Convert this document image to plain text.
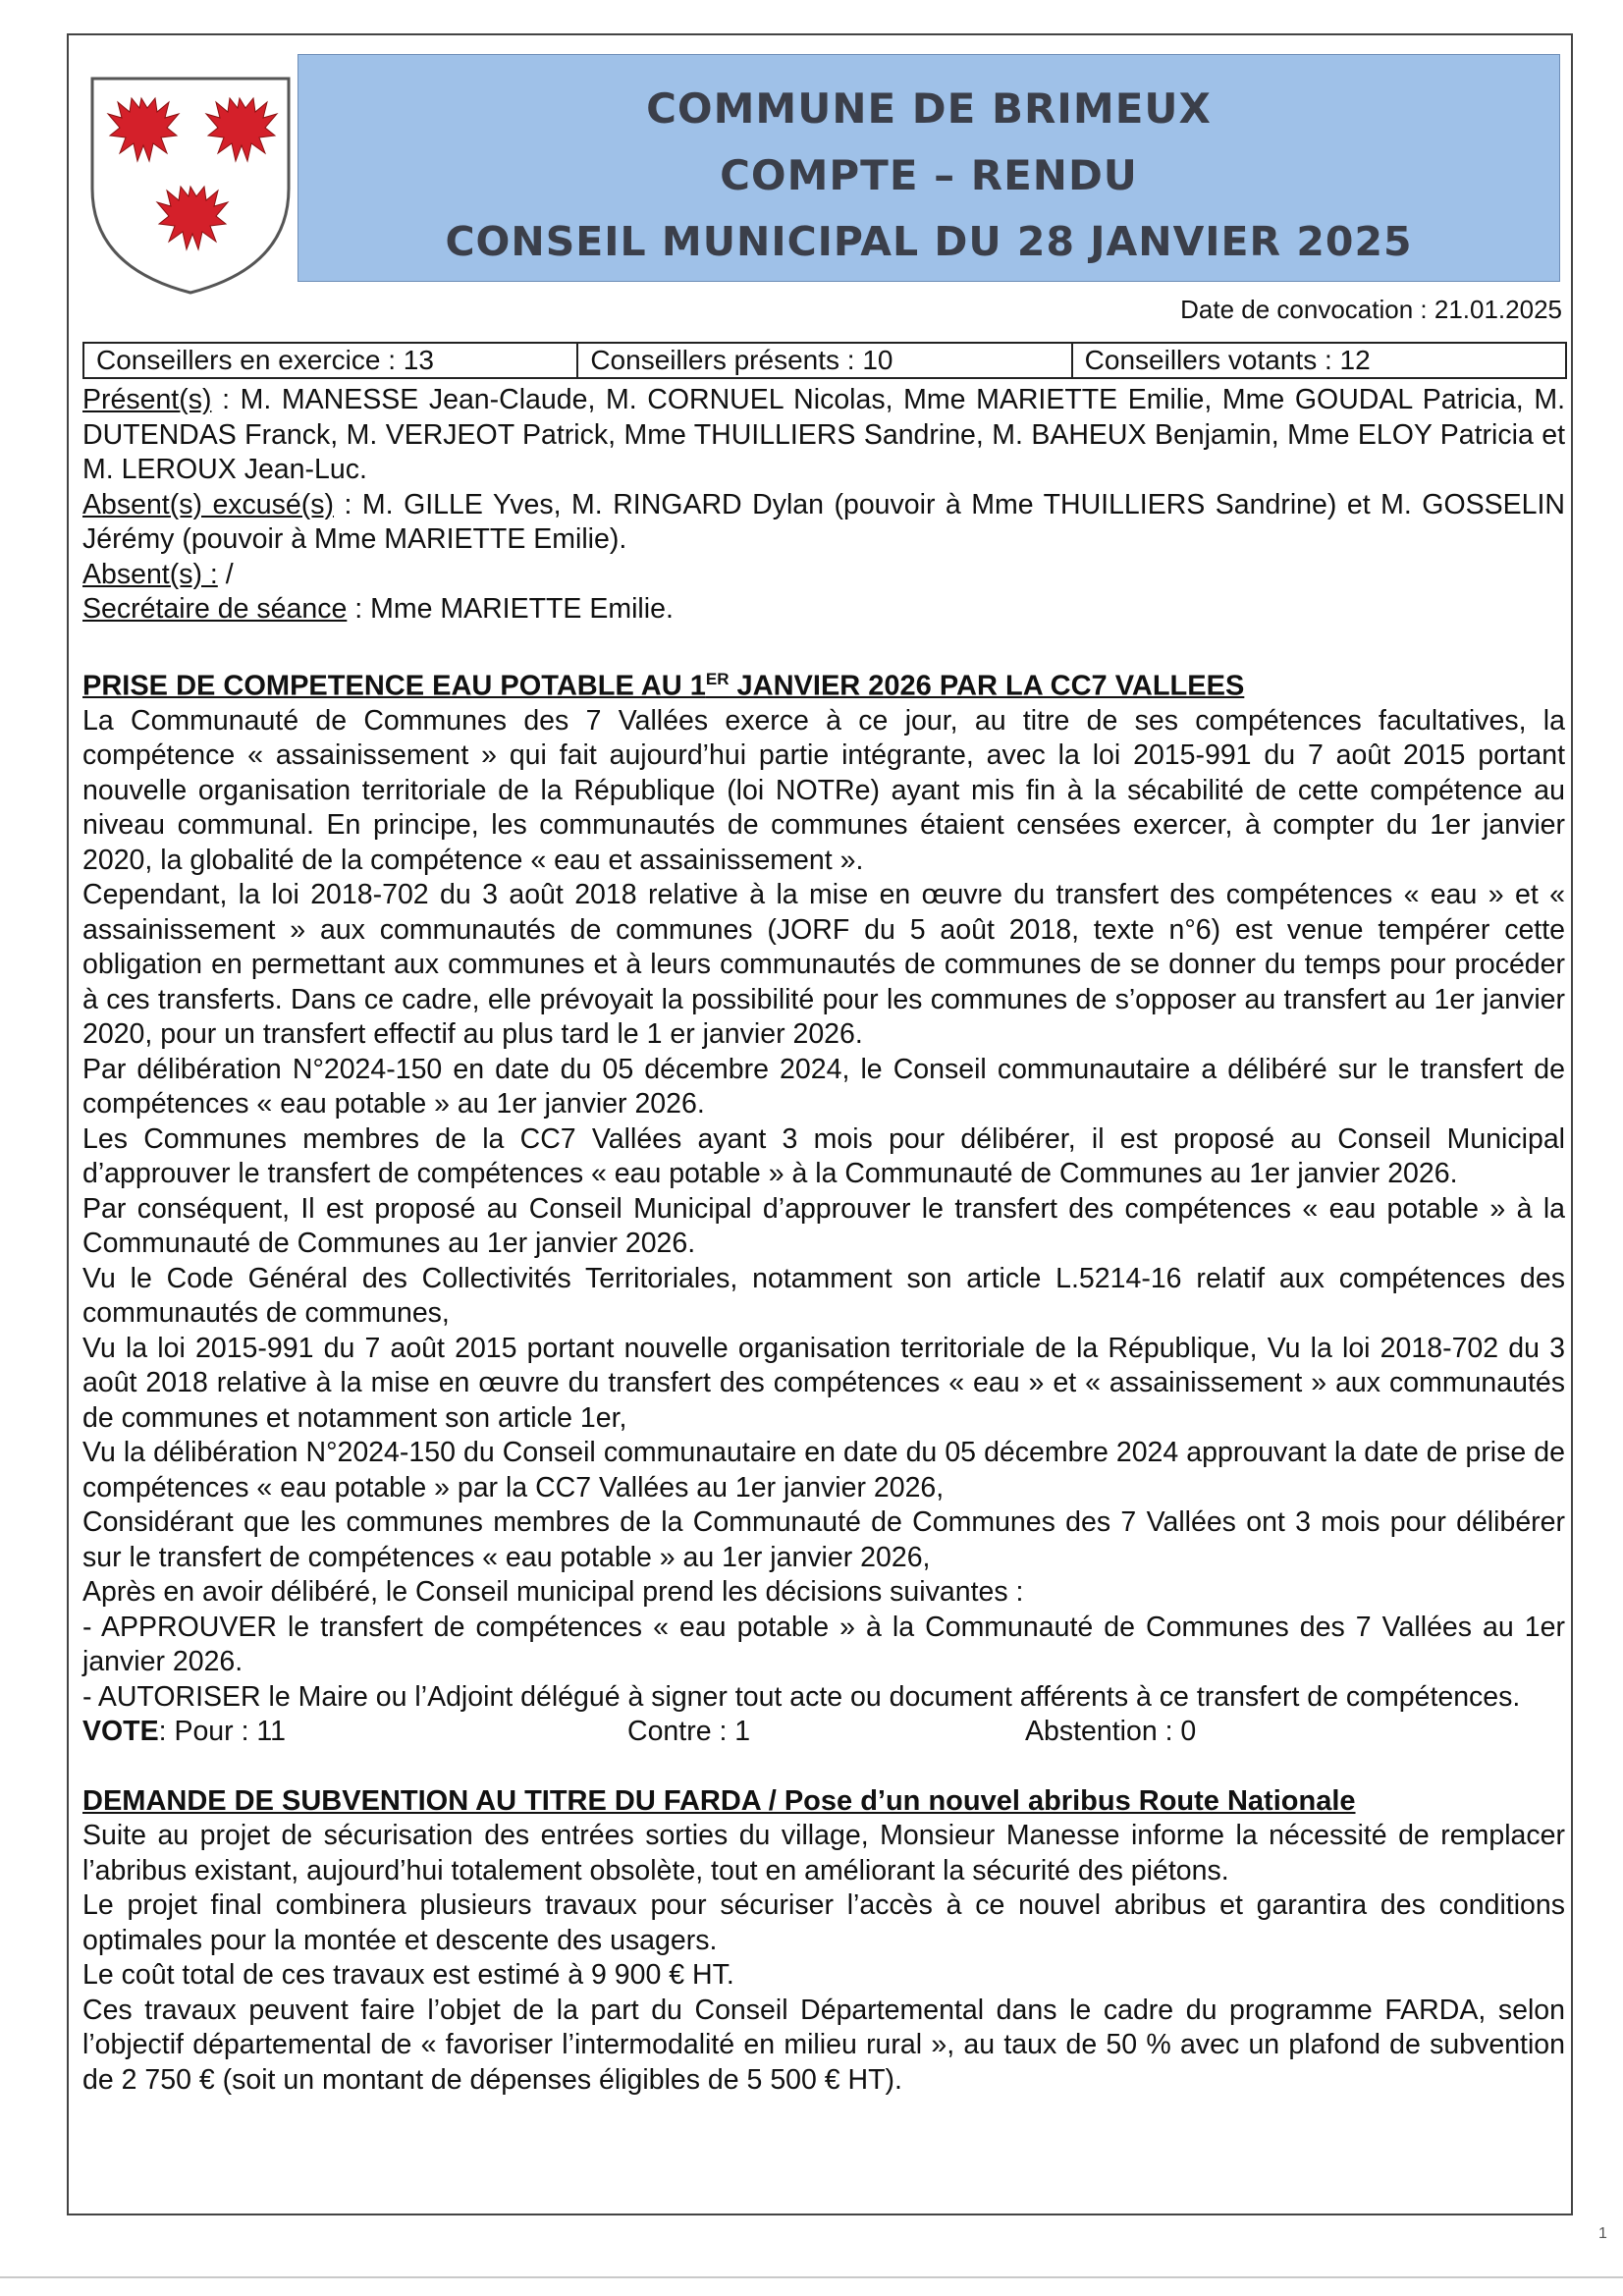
COMMUNE DE BRIMEUX
COMPTE – RENDU
CONSEIL MUNICIPAL DU 28 JANVIER 2025
Date de convocation : 21.01.2025
Conseillers en exercice : 13	Conseillers présents : 10	Conseillers votants : 12

Présent(s) : M. MANESSE Jean-Claude, M. CORNUEL Nicolas, Mme MARIETTE Emilie, Mme GOUDAL Patricia, M. DUTENDAS Franck, M. VERJEOT Patrick, Mme THUILLIERS Sandrine, M. BAHEUX Benjamin, Mme ELOY Patricia et M. LEROUX Jean-Luc.

Absent(s) excusé(s) : M. GILLE Yves, M. RINGARD Dylan (pouvoir à Mme THUILLIERS Sandrine) et M. GOSSELIN Jérémy (pouvoir à Mme MARIETTE Emilie).

Absent(s) : /

Secrétaire de séance : Mme MARIETTE Emilie.

PRISE DE COMPETENCE EAU POTABLE AU 1ER JANVIER 2026 PAR LA CC7 VALLEES

La Communauté de Communes des 7 Vallées exerce à ce jour, au titre de ses compétences facultatives, la compétence « assainissement » qui fait aujourd’hui partie intégrante, avec la loi 2015-991 du 7 août 2015 portant nouvelle organisation territoriale de la République (loi NOTRe) ayant mis fin à la sécabilité de cette compétence au niveau communal. En principe, les communautés de communes étaient censées exercer, à compter du 1er janvier 2020, la globalité de la compétence « eau et assainissement ».

Cependant, la loi 2018-702 du 3 août 2018 relative à la mise en œuvre du transfert des compétences « eau » et « assainissement » aux communautés de communes (JORF du 5 août 2018, texte n°6) est venue tempérer cette obligation en permettant aux communes et à leurs communautés de communes de se donner du temps pour procéder à ces transferts. Dans ce cadre, elle prévoyait la possibilité pour les communes de s’opposer au transfert au 1er janvier 2020, pour un transfert effectif au plus tard le 1 er janvier 2026.

Par délibération N°2024-150 en date du 05 décembre 2024, le Conseil communautaire a délibéré sur le transfert de compétences « eau potable » au 1er janvier 2026.

Les Communes membres de la CC7 Vallées ayant 3 mois pour délibérer, il est proposé au Conseil Municipal d’approuver le transfert de compétences « eau potable » à la Communauté de Communes au 1er janvier 2026.

Par conséquent, Il est proposé au Conseil Municipal d’approuver le transfert des compétences « eau potable » à la Communauté de Communes au 1er janvier 2026.

Vu le Code Général des Collectivités Territoriales, notamment son article L.5214-16 relatif aux compétences des communautés de communes,

Vu la loi 2015-991 du 7 août 2015 portant nouvelle organisation territoriale de la République, Vu la loi 2018-702 du 3 août 2018 relative à la mise en œuvre du transfert des compétences « eau » et « assainissement » aux communautés de communes et notamment son article 1er,

Vu la délibération N°2024-150 du Conseil communautaire en date du 05 décembre 2024 approuvant la date de prise de compétences « eau potable » par la CC7 Vallées au 1er janvier 2026,

Considérant que les communes membres de la Communauté de Communes des 7 Vallées ont 3 mois pour délibérer sur le transfert de compétences « eau potable » au 1er janvier 2026,

Après en avoir délibéré, le Conseil municipal prend les décisions suivantes :

- APPROUVER le transfert de compétences « eau potable » à la Communauté de Communes des 7 Vallées au 1er janvier 2026.

- AUTORISER le Maire ou l’Adjoint délégué à signer tout acte ou document afférents à ce transfert de compétences.

VOTE: Pour : 11	Contre : 1	Abstention : 0

DEMANDE DE SUBVENTION AU TITRE DU FARDA / Pose d’un nouvel abribus Route Nationale

Suite au projet de sécurisation des entrées sorties du village, Monsieur Manesse informe la nécessité de remplacer l’abribus existant, aujourd’hui totalement obsolète, tout en améliorant la sécurité des piétons.

Le projet final combinera plusieurs travaux pour sécuriser l’accès à ce nouvel abribus et garantira des conditions optimales pour la montée et descente des usagers.

Le coût total de ces travaux est estimé à 9 900 € HT.

Ces travaux peuvent faire l’objet de la part du Conseil Départemental dans le cadre du programme FARDA, selon l’objectif départemental de « favoriser l’intermodalité en milieu rural », au taux de 50 % avec un plafond de subvention de 2 750 € (soit un montant de dépenses éligibles de 5 500 € HT).

1
